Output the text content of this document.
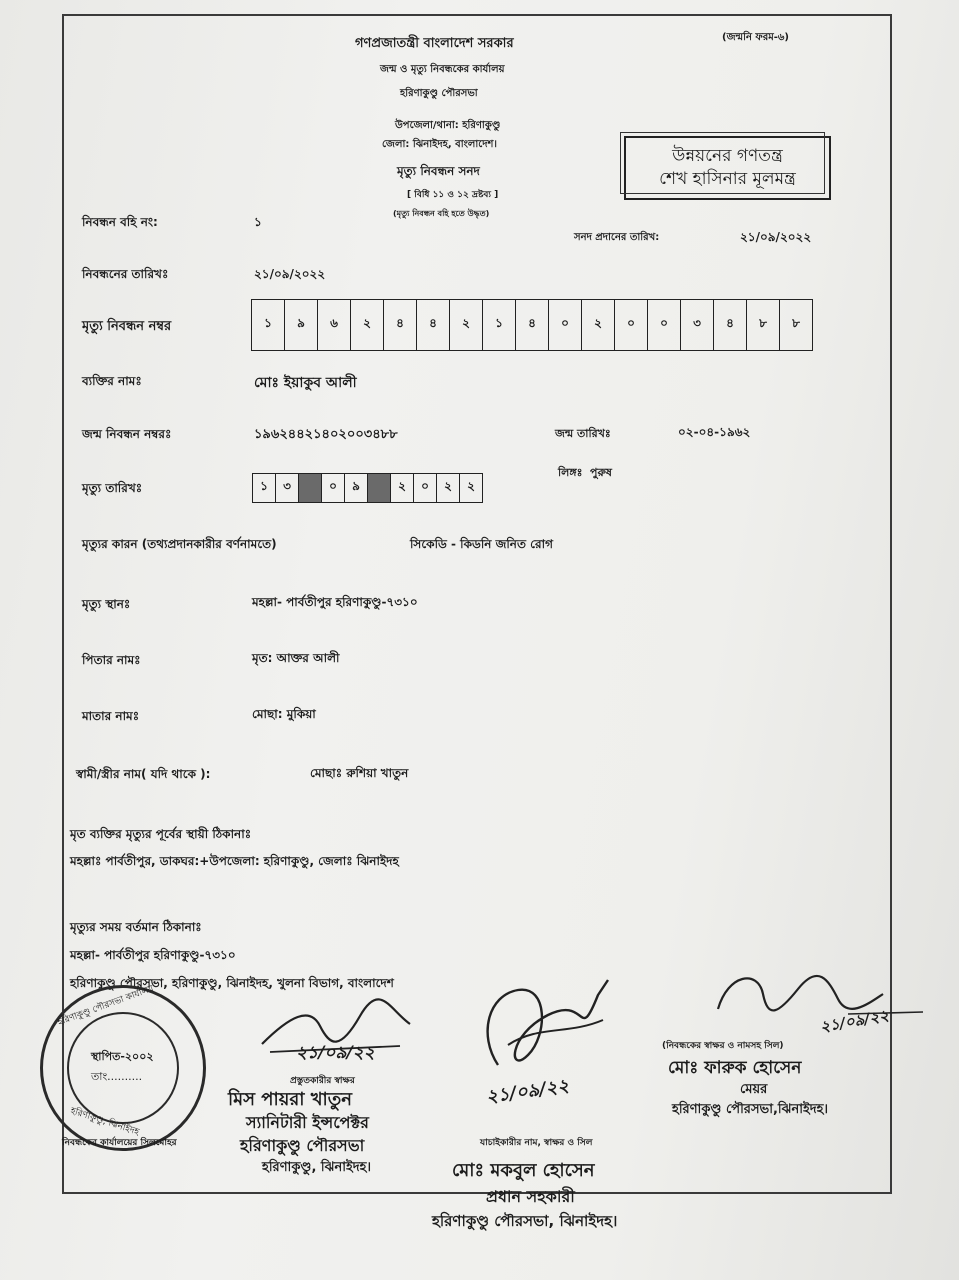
গণপ্রজাতন্ত্রী বাংলাদেশ সরকার	(জন্মনি ফরম-৬)
জন্ম ও মৃত্যু নিবন্ধকের কার্যালয়
হরিণাকুণ্ডু পৌরসভা
উপজেলা/থানা: হরিণাকুণ্ডু
জেলা: ঝিনাইদহ, বাংলাদেশ।
মৃত্যু নিবন্ধন সনদ
[ বিধি ১১ ও ১২ দ্রষ্টব্য ]
(মৃত্যু নিবন্ধন বহি হতে উদ্ধৃত)
উন্নয়নের গণতন্ত্র
শেখ হাসিনার মূলমন্ত্র
নিবন্ধন বহি নং:	১
সনদ প্রদানের তারিখ:	২১/০৯/২০২২
নিবন্ধনের তারিখঃ	২১/০৯/২০২২
মৃত্যু নিবন্ধন নম্বর	১	৯	৬	২	৪	৪	২	১	৪	০	২	০	০	৩	৪	৮	৮
ব্যক্তির নামঃ	মোঃ ইয়াকুব আলী
জন্ম নিবন্ধন নম্বরঃ	১৯৬২৪৪২১৪০২০০৩৪৮৮	জন্ম তারিখঃ	০২-০৪-১৯৬২
লিঙ্গঃ পুরুষ
মৃত্যু তারিখঃ	১	৩	০	৯	২	০	২	২
মৃত্যুর কারন (তথ্যপ্রদানকারীর বর্ণনামতে)	সিকেডি - কিডনি জনিত রোগ
মৃত্যু স্থানঃ	মহল্লা- পার্বতীপুর হরিণাকুণ্ডু-৭৩১০
পিতার নামঃ	মৃত: আক্তর আলী
মাতার নামঃ	মোছা: মুকিয়া
স্বামী/স্ত্রীর নাম( যদি থাকে ):	মোছাঃ রুশিয়া খাতুন
মৃত ব্যক্তির মৃত্যুর পূর্বের স্থায়ী ঠিকানাঃ
মহল্লাঃ পার্বতীপুর, ডাকঘর:+উপজেলা: হরিণাকুণ্ডু, জেলাঃ ঝিনাইদহ
মৃত্যুর সময় বর্তমান ঠিকানাঃ
মহল্লা- পার্বতীপুর হরিণাকুণ্ডু-৭৩১০
হরিণাকুণ্ডু পৌরসভা, হরিণাকুণ্ডু, ঝিনাইদহ, খুলনা বিভাগ, বাংলাদেশ
হরিণাকুণ্ডু পৌরসভা কার্যালয়
স্থাপিত-২০০২
তাং..........
হরিণাকুণ্ডু, ঝিনাইদহ
নিবন্ধকের কার্যালয়ের সিলমোহর
২১/০৯/২২
প্রস্তুতকারীর স্বাক্ষর
মিস পায়রা খাতুন
স্যানিটারী ইন্সপেক্টর
হরিণাকুণ্ডু পৌরসভা
হরিণাকুণ্ডু, ঝিনাইদহ।
২১/০৯/২২
যাচাইকারীর নাম, স্বাক্ষর ও সিল
মোঃ মকবুল হোসেন
প্রধান সহকারী
হরিণাকুণ্ডু পৌরসভা, ঝিনাইদহ।
২১/০৯/২২
(নিবন্ধকের স্বাক্ষর ও নামসহ সিল)
মোঃ ফারুক হোসেন
মেয়র
হরিণাকুণ্ডু পৌরসভা,ঝিনাইদহ।
